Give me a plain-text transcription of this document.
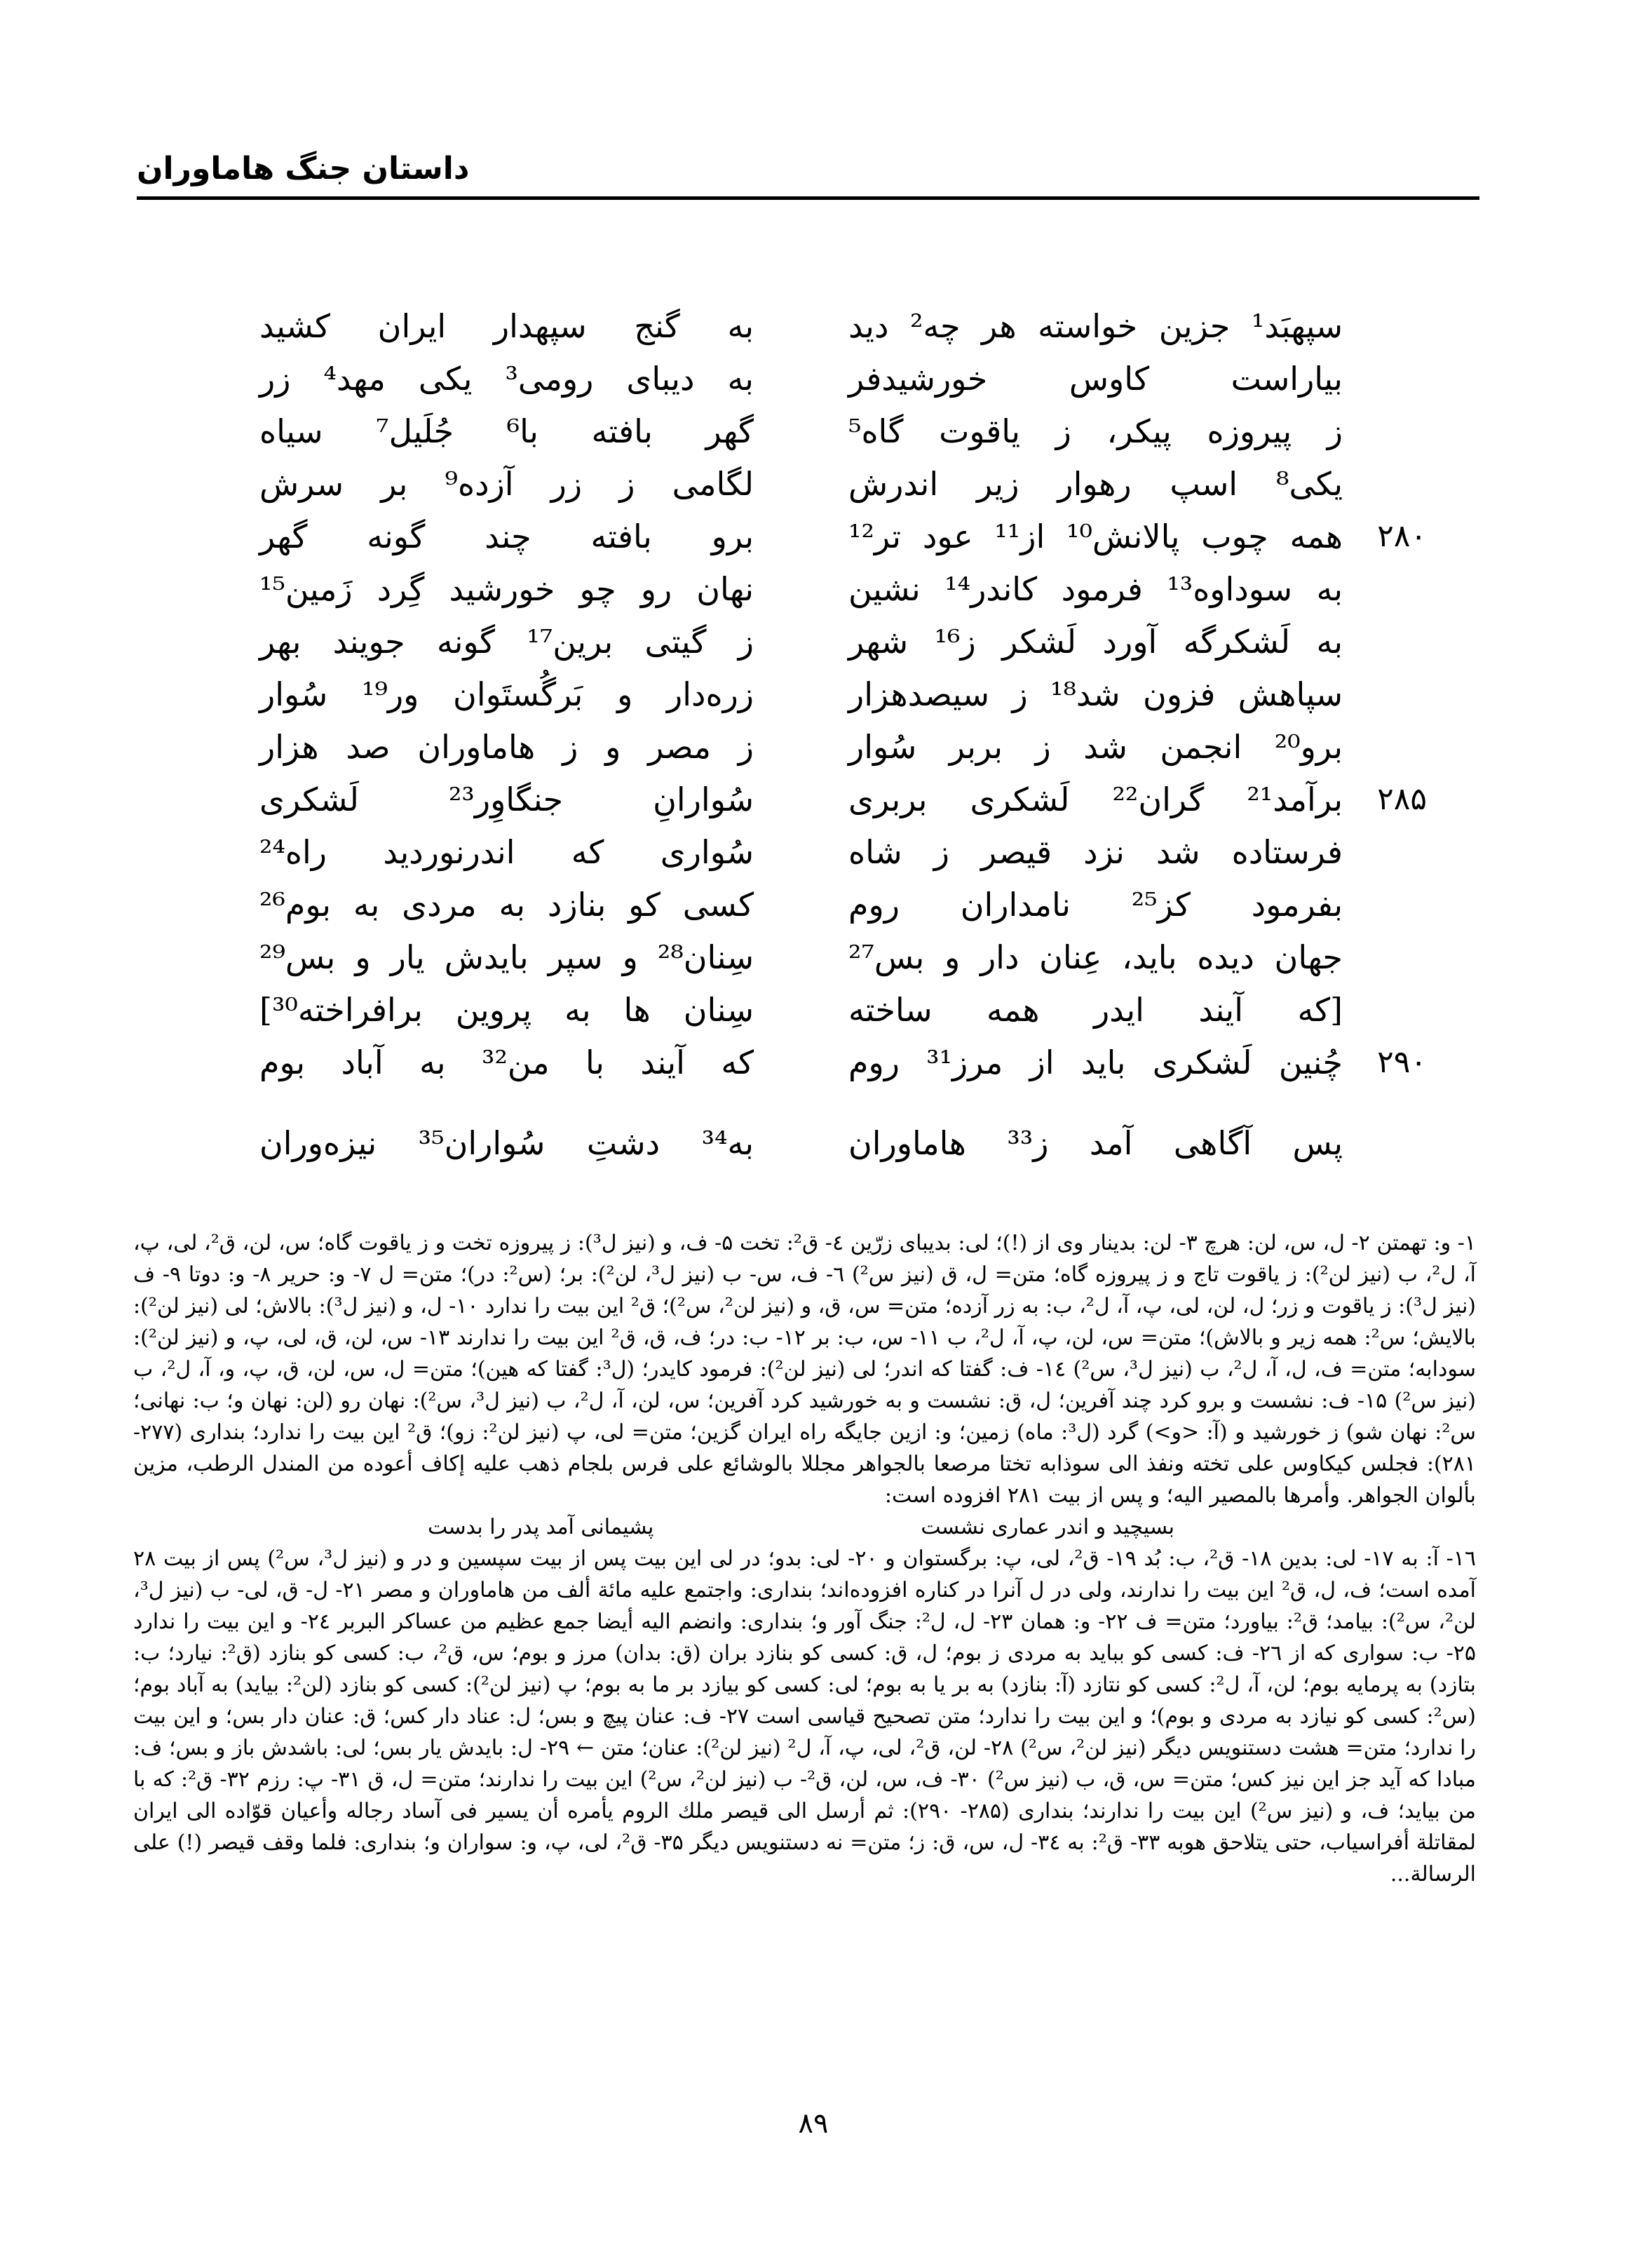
داستان جنگ هاماوران
سپهبَد¹ جزین خواسته هر چه² دید
به گنج سپهدار ایران کشید
بیاراست کاوس خورشیدفر
به دیبای رومی³ یکی مهد⁴ زر
ز پیروزه پیکر، ز یاقوت گاه⁵
گهر بافته با⁶ جُلَیل⁷ سیاه
یکی⁸ اسپ رهوار زیر اندرش
لگامی ز زر آزده⁹ بر سرش
همه چوب پالانش¹⁰ از¹¹ عود تر¹²
برو بافته چند گونه گهر	۲۸۰
به سوداوه¹³ فرمود کاندر¹⁴ نشین
نهان رو چو خورشید گِرد زَمین¹⁵
به لَشکرگه آورد لَشکر ز¹⁶ شهر
ز گیتی برین¹⁷ گونه جویند بهر
سپاهش فزون شد¹⁸ ز سیصدهزار
زره‌دار و بَرگُستَوان ور¹⁹ سُوار
برو²⁰ انجمن شد ز بربر سُوار
ز مصر و ز هاماوران صد هزار
برآمد²¹ گران²² لَشکری بربری
سُوارانِ جنگاوِر²³ لَشکری	۲۸۵
فرستاده شد نزد قیصر ز شاه
سُواری که اندرنوردید راه²⁴
بفرمود کز²⁵ نامداران روم
کسی کو بنازد به مردی به بوم²⁶
جهان دیده باید، عِنان دار و بس²⁷
سِنان²⁸ و سپر بایدش یار و بس²⁹
[که آیند ایدر همه ساخته
سِنان ها به پروین برافراخته³⁰]
چُنین لَشکری باید از مرز³¹ روم
که آیند با من³² به آباد بوم	۲۹۰
پس آگاهی آمد ز³³ هاماوران
به³⁴ دشتِ سُواران³⁵ نیزه‌وران

۱- و: تهمتن ۲- ل، س، لن: هرچ ۳- لن: بدینار وی از (!)؛ لی: بدیبای زرّین ٤- ق²: تخت ۵- ف، و (نیز ل³): ز پیروزه تخت و ز یاقوت گاه؛ س، لن، ق²، لی، پ، آ، ل²، ب (نیز لن²): ز یاقوت تاج و ز پیروزه گاه؛ متن= ل، ق (نیز س²) ٦- ف، س- ب (نیز ل³، لن²): بر؛ (س²: در)؛ متن= ل ۷- و: حریر ۸- و: دوتا ۹- ف (نیز ل³): ز یاقوت و زر؛ ل، لن، لی، پ، آ، ل²، ب: به زر آزده؛ متن= س، ق، و (نیز لن²، س²)؛ ق² این بیت را ندارد ۱۰- ل، و (نیز ل³): بالاش؛ لی (نیز لن²): بالایش؛ س²: همه زیر و بالاش)؛ متن= س، لن، پ، آ، ل²، ب ۱۱- س، ب: بر ۱۲- ب: در؛ ف، ق، ق² این بیت را ندارند ۱۳- س، لن، ق، لی، پ، و (نیز لن²): سودابه؛ متن= ف، ل، آ، ل²، ب (نیز ل³، س²) ١٤- ف: گفتا که اندر؛ لی (نیز لن²): فرمود کایدر؛ (ل³: گفتا که هین)؛ متن= ل، س، لن، ق، پ، و، آ، ل²، ب (نیز س²) ۱۵- ف: نشست و برو کرد چند آفرین؛ ل، ق: نشست و به خورشید کرد آفرین؛ س، لن، آ، ل²، ب (نیز ل³، س²): نهان رو (لن: نهان و؛ ب: نهانی؛ س²: نهان شو) ز خورشید و (آ: <و>) گرد (ل³: ماه) زمین؛ و: ازین جایگه راه ایران گزین؛ متن= لی، پ (نیز لن²: زو)؛ ق² این بیت را ندارد؛ بنداری (۲۷۷- ۲۸۱): فجلس کیکاوس علی تخته ونفذ الی سوذابه تختا مرصعا بالجواهر مجللا بالوشائع علی فرس بلجام ذهب علیه إکاف أعوده من المندل الرطب، مزین بألوان الجواهر. وأمرها بالمصیر الیه؛ و پس از بیت ۲۸۱ افزوده است:

بسیچید و اندر عماری نشست
پشیمانی آمد پدر را بدست

۱٦- آ: به ۱۷- لی: بدین ۱۸- ق²، ب: بُد ۱۹- ق²، لی، پ: برگستوان و ۲۰- لی: بدو؛ در لی این بیت پس از بیت سپسین و در و (نیز ل³، س²) پس از بیت ۲۸ آمده است؛ ف، ل، ق² این بیت را ندارند، ولی در ل آنرا در کناره افزوده‌اند؛ بنداری: واجتمع علیه مائة ألف من هاماوران و مصر ۲۱- ل- ق، لی- ب (نیز ل³، لن²، س²): بیامد؛ ق²: بیاورد؛ متن= ف ۲۲- و: همان ۲۳- ل، ل²: جنگ آور و؛ بنداری: وانضم الیه أیضا جمع عظیم من عساکر البربر ٢٤- و این بیت را ندارد ۲۵- ب: سواری که از ۲٦- ف: کسی کو بباید به مردی ز بوم؛ ل، ق: کسی کو بنازد بران (ق: بدان) مرز و بوم؛ س، ق²، ب: کسی کو بنازد (ق²: نیارد؛ ب: بتازد) به پرمایه بوم؛ لن، آ، ل²: کسی کو نتازد (آ: بنازد) به بر یا به بوم؛ لی: کسی کو بیازد بر ما به بوم؛ پ (نیز لن²): کسی کو بنازد (لن²: بیاید) به آباد بوم؛ (س²: کسی کو نیازد به مردی و بوم)؛ و این بیت را ندارد؛ متن تصحیح قیاسی است ۲۷- ف: عنان پیچ و بس؛ ل: عناد دار کس؛ ق: عنان دار بس؛ و این بیت را ندارد؛ متن= هشت دستنویس دیگر (نیز لن²، س²) ۲۸- لن، ق²، لی، پ، آ، ل² (نیز لن²): عنان؛ متن ← ۲۹- ل: بایدش یار بس؛ لی: باشدش باز و بس؛ ف: مبادا که آید جز این نیز کس؛ متن= س، ق، ب (نیز س²) ۳۰- ف، س، لن، ق²- ب (نیز لن²، س²) این بیت را ندارند؛ متن= ل، ق ۳۱- پ: رزم ۳۲- ق²: که با من بیاید؛ ف، و (نیز س²) این بیت را ندارند؛ بنداری (۲۸۵- ۲۹۰): ثم أرسل الی قیصر ملك الروم یأمره أن یسیر فی آساد رجاله وأعیان قوّاده الی ایران لمقاتلة أفراسیاب، حتی یتلاحق هوبه ۳۳- ق²: به ٣٤- ل، س، ق: ز؛ متن= نه دستنویس دیگر ۳۵- ق²، لی، پ، و: سواران و؛ بنداری: فلما وقف قیصر (!) علی الرسالة...

۸۹
